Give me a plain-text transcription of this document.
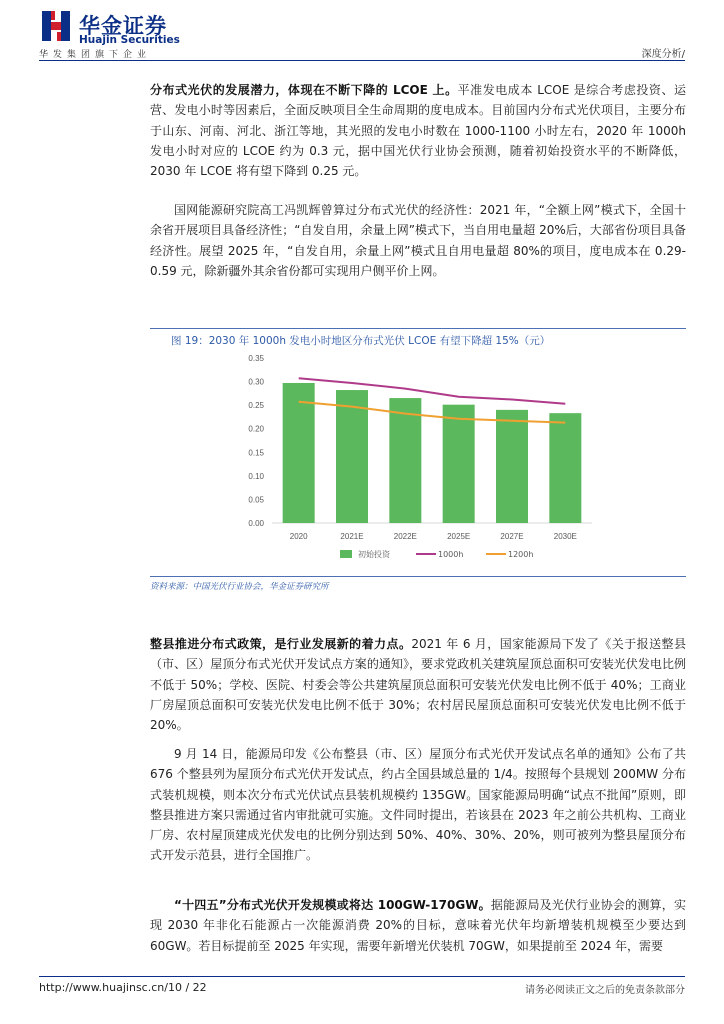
华金证券
Huajin Securities
华发集团旗下企业	深度分析/
分布式光伏的发展潜力，体现在不断下降的 LCOE 上。平准发电成本 LCOE 是综合考虑投资、运营、发电小时等因素后，全面反映项目全生命周期的度电成本。目前国内分布式光伏项目，主要分布于山东、河南、河北、浙江等地，其光照的发电小时数在 1000-1100 小时左右，2020 年 1000h 发电小时对应的 LCOE 约为 0.3 元，据中国光伏行业协会预测，随着初始投资水平的不断降低，2030 年 LCOE 将有望下降到 0.25 元。
国网能源研究院高工冯凯辉曾算过分布式光伏的经济性：2021 年，“全额上网”模式下，全国十余省开展项目具备经济性；“自发自用，余量上网”模式下，当自用电量超 20%后，大部省份项目具备经济性。展望 2025 年，“自发自用，余量上网”模式且自用电量超 80%的项目，度电成本在 0.29-0.59 元，除新疆外其余省份都可实现用户侧平价上网。
图 19：2030 年 1000h 发电小时地区分布式光伏 LCOE 有望下降超 15%（元）
0.00
0.05
0.10
0.15
0.20
0.25
0.30
0.35
2020	2021E	2022E	2025E	2027E	2030E
初始投资	1000h	1200h
资料来源：中国光伏行业协会，华金证券研究所
整县推进分布式政策，是行业发展新的着力点。2021 年 6 月，国家能源局下发了《关于报送整县（市、区）屋顶分布式光伏开发试点方案的通知》，要求党政机关建筑屋顶总面积可安装光伏发电比例不低于 50%；学校、医院、村委会等公共建筑屋顶总面积可安装光伏发电比例不低于 40%；工商业厂房屋顶总面积可安装光伏发电比例不低于 30%；农村居民屋顶总面积可安装光伏发电比例不低于 20%。
9 月 14 日，能源局印发《公布整县（市、区）屋顶分布式光伏开发试点名单的通知》公布了共 676 个整县列为屋顶分布式光伏开发试点，约占全国县域总量的 1/4。按照每个县规划 200MW 分布式装机规模，则本次分布式光伏试点县装机规模约 135GW。国家能源局明确“试点不批闻”原则，即整县推进方案只需通过省内审批就可实施。文件同时提出，若该县在 2023 年之前公共机构、工商业厂房、农村屋顶建成光伏发电的比例分别达到 50%、40%、30%、20%，则可被列为整县屋顶分布式开发示范县，进行全国推广。
“十四五”分布式光伏开发规模或将达 100GW-170GW。据能源局及光伏行业协会的测算，实现 2030 年非化石能源占一次能源消费 20%的目标，意味着光伏年均新增装机规模至少要达到 60GW。若目标提前至 2025 年实现，需要年新增光伏装机 70GW，如果提前至 2024 年，需要
http://www.huajinsc.cn/10 / 22	请务必阅读正文之后的免责条款部分
